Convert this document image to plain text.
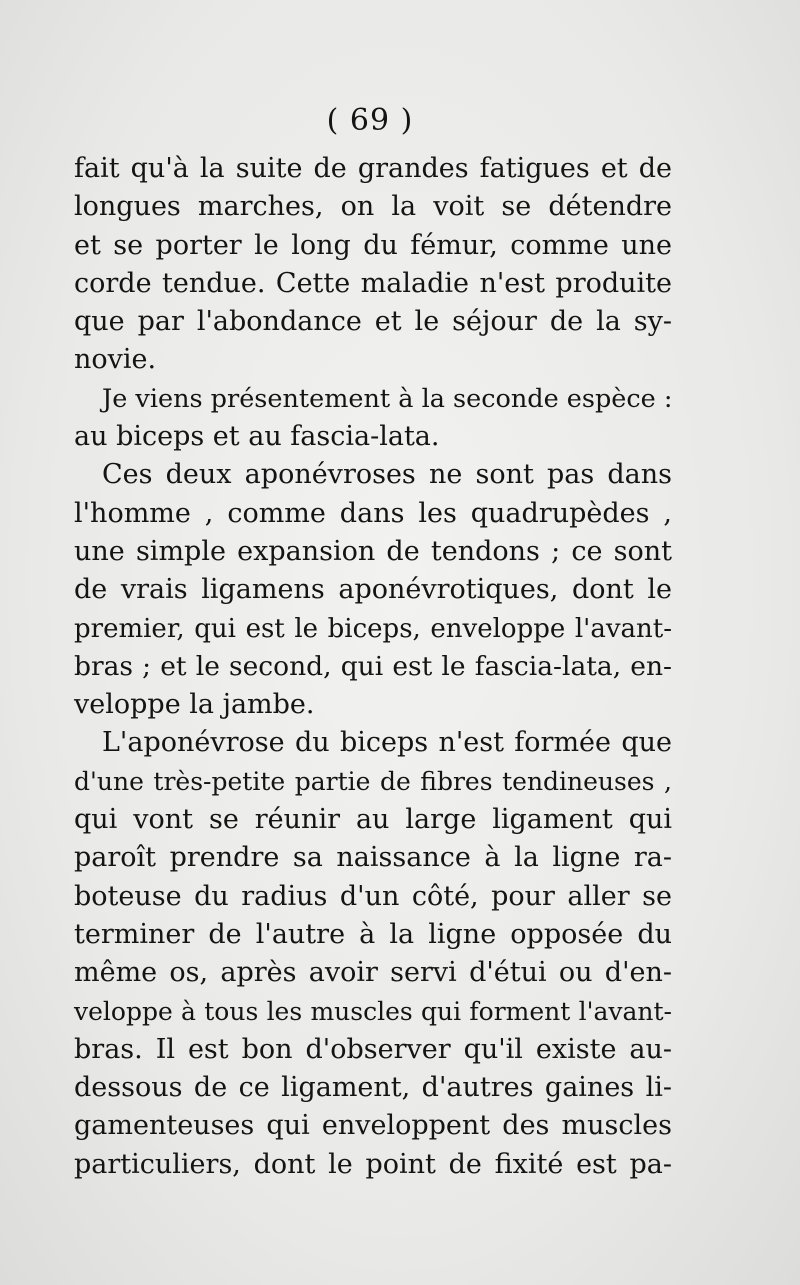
( 69 )
fait qu'à la suite de grandes fatigues et de
longues marches, on la voit se détendre
et se porter le long du fémur, comme une
corde tendue. Cette maladie n'est produite
que par l'abondance et le séjour de la sy-
novie.
Je viens présentement à la seconde espèce :
au biceps et au fascia-lata.
Ces deux aponévroses ne sont pas dans
l'homme , comme dans les quadrupèdes ,
une simple expansion de tendons ; ce sont
de vrais ligamens aponévrotiques, dont le
premier, qui est le biceps, enveloppe l'avant-
bras ; et le second, qui est le fascia-lata, en-
veloppe la jambe.
L'aponévrose du biceps n'est formée que
d'une très-petite partie de fibres tendineuses ,
qui vont se réunir au large ligament qui
paroît prendre sa naissance à la ligne ra-
boteuse du radius d'un côté, pour aller se
terminer de l'autre à la ligne opposée du
même os, après avoir servi d'étui ou d'en-
veloppe à tous les muscles qui forment l'avant-
bras. Il est bon d'observer qu'il existe au-
dessous de ce ligament, d'autres gaines li-
gamenteuses qui enveloppent des muscles
particuliers, dont le point de fixité est pa-
